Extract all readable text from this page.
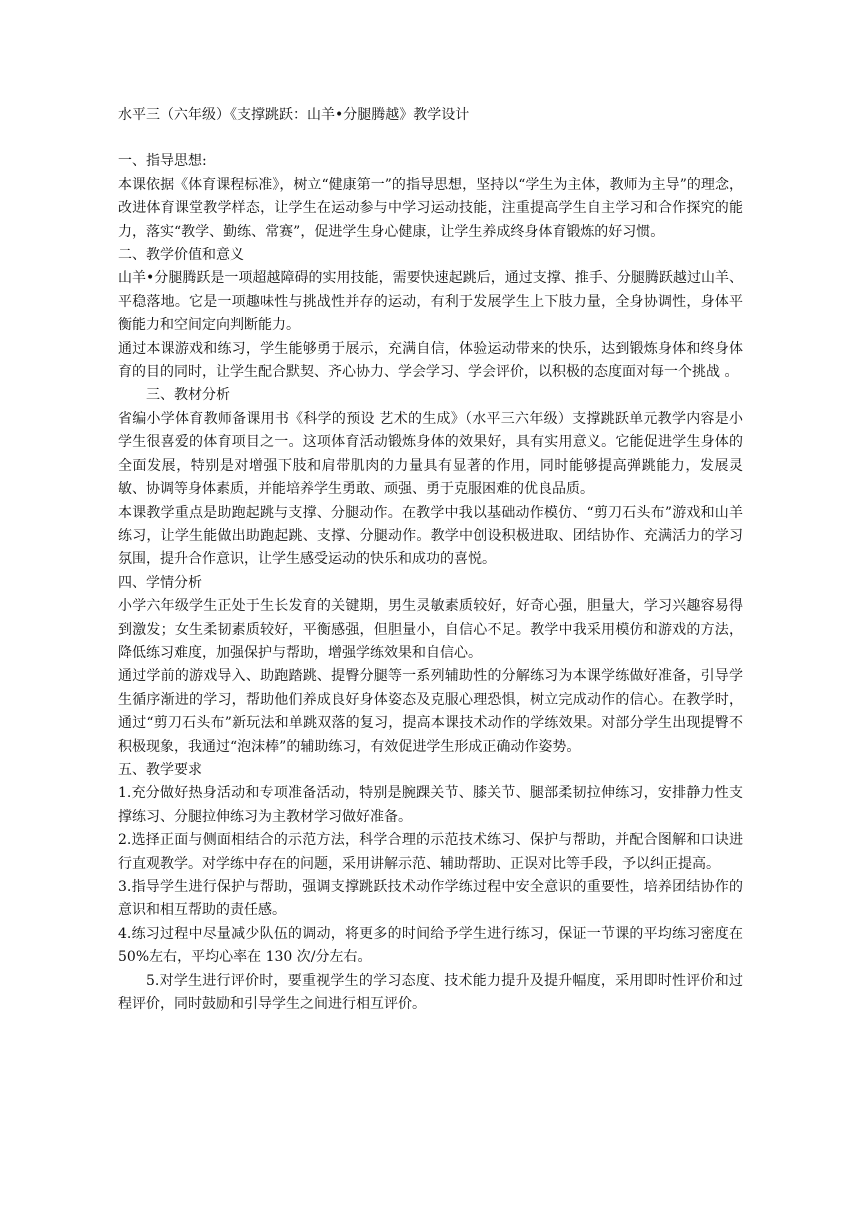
水平三（六年级）《支撑跳跃：山羊•分腿腾越》教学设计

一、指导思想:

本课依据《体育课程标准》，树立“健康第一”的指导思想，坚持以“学生为主体，教师为主导”的理念，改进体育课堂教学样态，让学生在运动参与中学习运动技能，注重提高学生自主学习和合作探究的能力，落实“教学、勤练、常赛”，促进学生身心健康，让学生养成终身体育锻炼的好习惯。

二、教学价值和意义

山羊•分腿腾跃是一项超越障碍的实用技能，需要快速起跳后，通过支撑、推手、分腿腾跃越过山羊、平稳落地。它是一项趣味性与挑战性并存的运动，有利于发展学生上下肢力量，全身协调性，身体平衡能力和空间定向判断能力。

通过本课游戏和练习，学生能够勇于展示，充满自信，体验运动带来的快乐，达到锻炼身体和终身体育的目的同时，让学生配合默契、齐心协力、学会学习、学会评价，以积极的态度面对每一个挑战 。

三、教材分析

省编小学体育教师备课用书《科学的预设 艺术的生成》（水平三六年级）支撑跳跃单元教学内容是小学生很喜爱的体育项目之一。这项体育活动锻炼身体的效果好，具有实用意义。它能促进学生身体的全面发展，特别是对增强下肢和肩带肌肉的力量具有显著的作用，同时能够提高弹跳能力，发展灵敏、协调等身体素质，并能培养学生勇敢、顽强、勇于克服困难的优良品质。

本课教学重点是助跑起跳与支撑、分腿动作。在教学中我以基础动作模仿、“剪刀石头布”游戏和山羊练习，让学生能做出助跑起跳、支撑、分腿动作。教学中创设积极进取、团结协作、充满活力的学习氛围，提升合作意识，让学生感受运动的快乐和成功的喜悦。

四、学情分析

小学六年级学生正处于生长发育的关键期，男生灵敏素质较好，好奇心强，胆量大，学习兴趣容易得到激发；女生柔韧素质较好，平衡感强，但胆量小，自信心不足。教学中我采用模仿和游戏的方法，降低练习难度，加强保护与帮助，增强学练效果和自信心。

通过学前的游戏导入、助跑踏跳、提臀分腿等一系列辅助性的分解练习为本课学练做好准备，引导学生循序渐进的学习，帮助他们养成良好身体姿态及克服心理恐惧，树立完成动作的信心。在教学时，通过“剪刀石头布”新玩法和单跳双落的复习，提高本课技术动作的学练效果。对部分学生出现提臀不积极现象，我通过“泡沫棒”的辅助练习，有效促进学生形成正确动作姿势。

五、教学要求

1.充分做好热身活动和专项准备活动，特别是腕踝关节、膝关节、腿部柔韧拉伸练习，安排静力性支撑练习、分腿拉伸练习为主教材学习做好准备。

2.选择正面与侧面相结合的示范方法，科学合理的示范技术练习、保护与帮助，并配合图解和口诀进行直观教学。对学练中存在的问题，采用讲解示范、辅助帮助、正误对比等手段，予以纠正提高。

3.指导学生进行保护与帮助，强调支撑跳跃技术动作学练过程中安全意识的重要性，培养团结协作的意识和相互帮助的责任感。

4.练习过程中尽量减少队伍的调动，将更多的时间给予学生进行练习，保证一节课的平均练习密度在 50%左右，平均心率在 130 次/分左右。

5.对学生进行评价时，要重视学生的学习态度、技术能力提升及提升幅度，采用即时性评价和过程评价，同时鼓励和引导学生之间进行相互评价。
